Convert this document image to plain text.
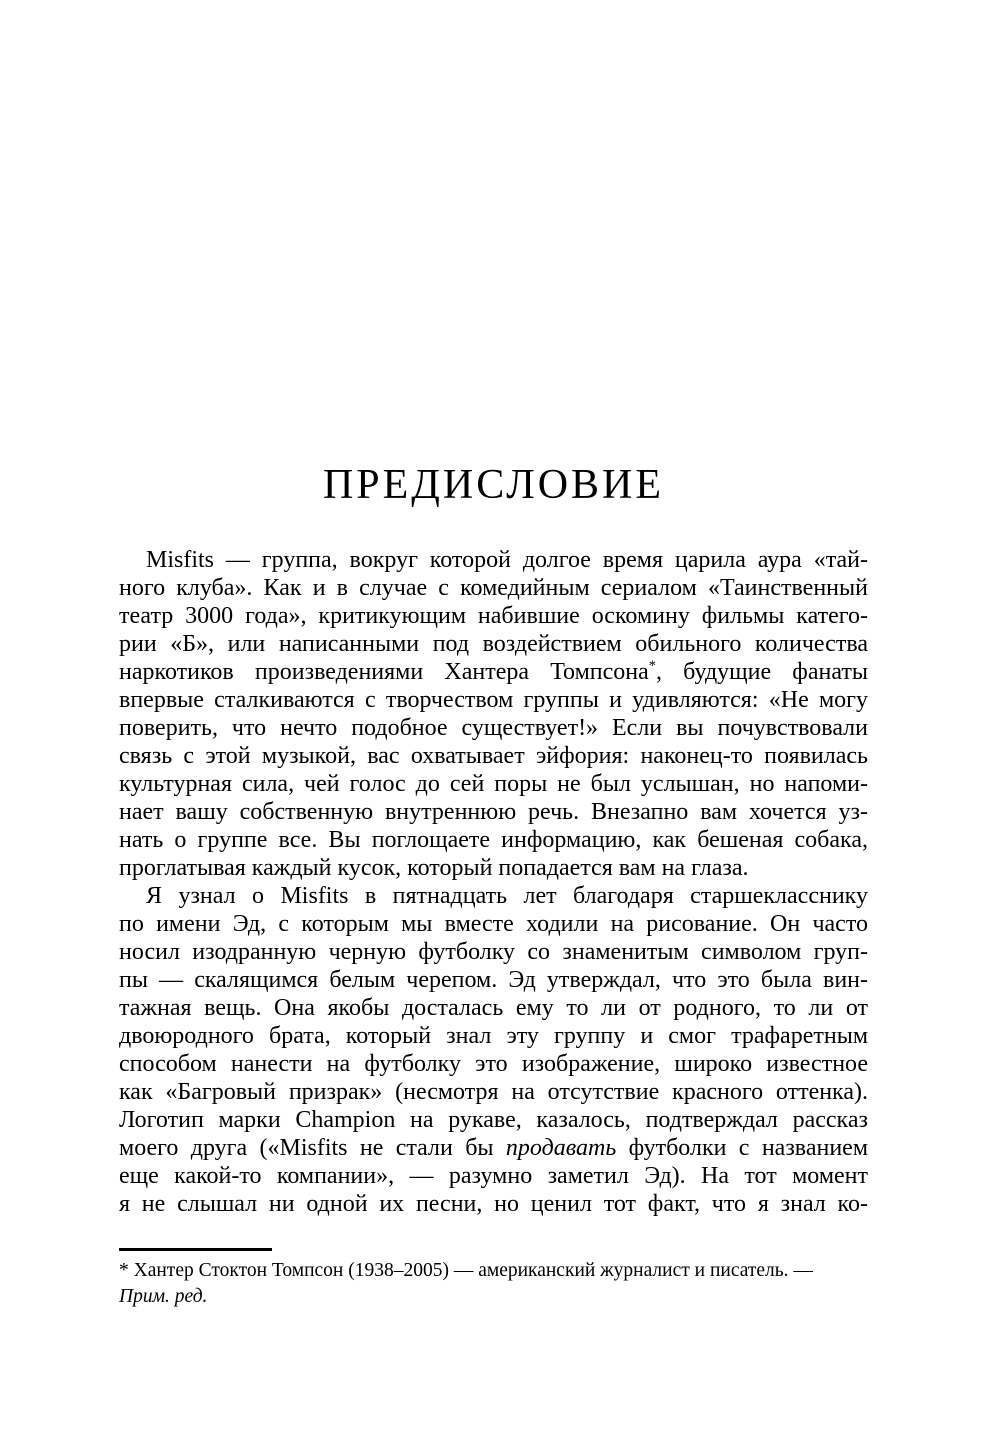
ПРЕДИСЛОВИЕ
Misfits — группа, вокруг которой долгое время царила аура «тай-
ного клуба». Как и в случае с комедийным сериалом «Таинственный
театр 3000 года», критикующим набившие оскомину фильмы катего-
рии «Б», или написанными под воздействием обильного количества
наркотиков произведениями Хантера Томпсона*, будущие фанаты
впервые сталкиваются с творчеством группы и удивляются: «Не могу
поверить, что нечто подобное существует!» Если вы почувствовали
связь с этой музыкой, вас охватывает эйфория: наконец-то появилась
культурная сила, чей голос до сей поры не был услышан, но напоми-
нает вашу собственную внутреннюю речь. Внезапно вам хочется уз-
нать о группе все. Вы поглощаете информацию, как бешеная собака,
проглатывая каждый кусок, который попадается вам на глаза.
Я узнал о Misfits в пятнадцать лет благодаря старшекласснику
по имени Эд, с которым мы вместе ходили на рисование. Он часто
носил изодранную черную футболку со знаменитым символом груп-
пы — скалящимся белым черепом. Эд утверждал, что это была вин-
тажная вещь. Она якобы досталась ему то ли от родного, то ли от
двоюродного брата, который знал эту группу и смог трафаретным
способом нанести на футболку это изображение, широко известное
как «Багровый призрак» (несмотря на отсутствие красного оттенка).
Логотип марки Champion на рукаве, казалось, подтверждал рассказ
моего друга («Misfits не стали бы продавать футболки с названием
еще какой-то компании», — разумно заметил Эд). На тот момент
я не слышал ни одной их песни, но ценил тот факт, что я знал ко-
* Хантер Стоктон Томпсон (1938–2005) — американский журналист и писатель. —
Прим. ред.
